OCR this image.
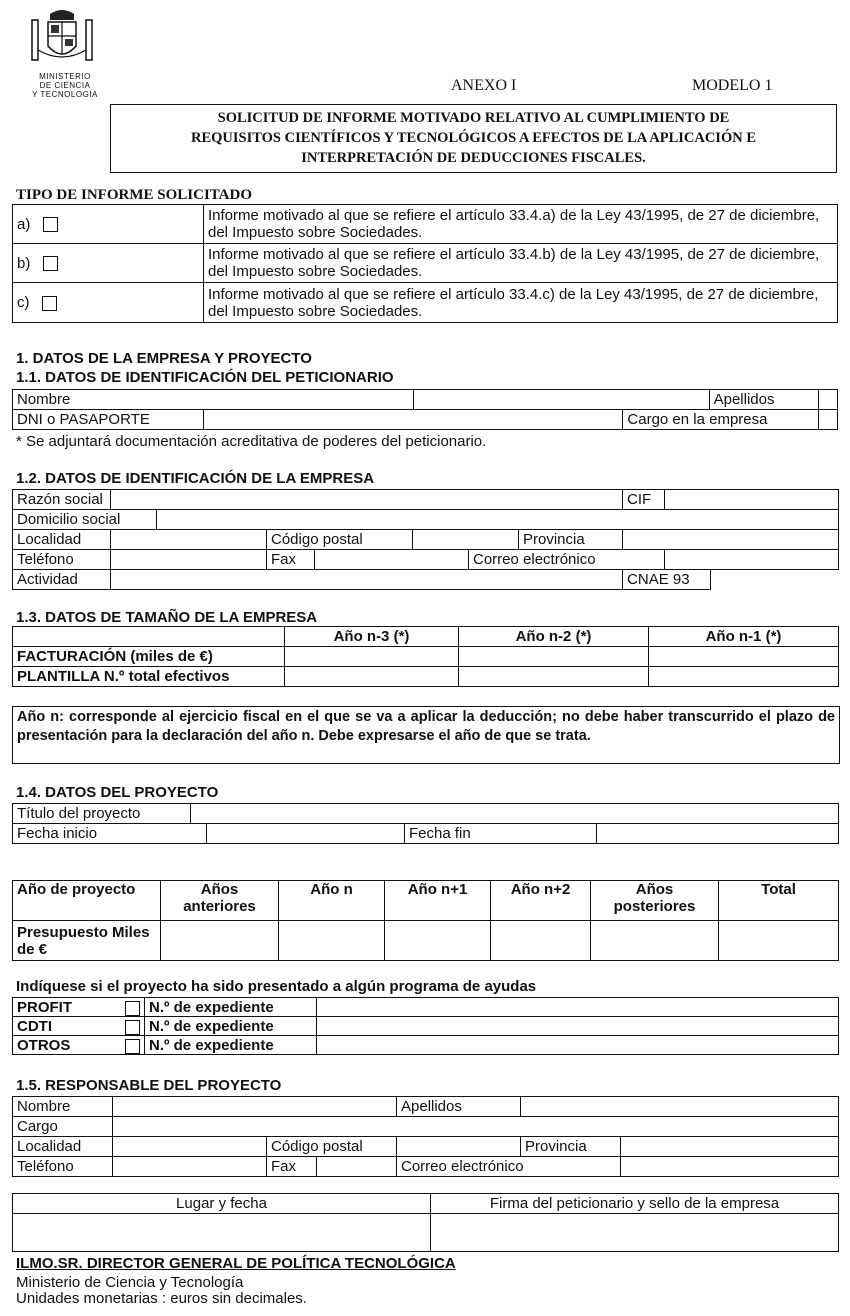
MINISTERIO
DE CIENCIA
Y TECNOLOGIA
ANEXO I	MODELO 1
SOLICITUD DE INFORME MOTIVADO RELATIVO AL CUMPLIMIENTO DE
REQUISITOS CIENTÍFICOS Y TECNOLÓGICOS A EFECTOS DE LA APLICACIÓN E
INTERPRETACIÓN DE DEDUCCIONES FISCALES.
TIPO DE INFORME SOLICITADO
a)	Informe motivado al que se refiere el artículo 33.4.a) de la Ley 43/1995, de 27 de diciembre, del Impuesto sobre Sociedades.
b)	Informe motivado al que se refiere el artículo 33.4.b) de la Ley 43/1995, de 27 de diciembre, del Impuesto sobre Sociedades.
c)	Informe motivado al que se refiere el artículo 33.4.c) de la Ley 43/1995, de 27 de diciembre, del Impuesto sobre Sociedades.
1. DATOS DE LA EMPRESA Y PROYECTO
1.1. DATOS DE IDENTIFICACIÓN DEL PETICIONARIO
Nombre				Apellidos	
DNI o PASAPORTE			Cargo en la empresa		
* Se adjuntará documentación acreditativa de poderes del peticionario.
1.2. DATOS DE IDENTIFICACIÓN DE LA EMPRESA
Razón social								CIF		
Domicilio social										
Localidad			Código postal				Provincia			
Teléfono			Fax			Correo electrónico				
Actividad								CNAE 93		
1.3. DATOS DE TAMAÑO DE LA EMPRESA
	Año n-3 (*)	Año n-2 (*)	Año n-1 (*)
FACTURACIÓN (miles de €)			
PLANTILLA N.º total efectivos			
Año n: corresponde al ejercicio fiscal en el que se va a aplicar la deducción; no debe haber transcurrido el plazo de presentación para la declaración del año n. Debe expresarse el año de que se trata.
1.4. DATOS DEL PROYECTO
Título del proyecto				
Fecha inicio			Fecha fin	
Año de proyecto	Años anteriores	Año n	Año n+1	Año n+2	Años posteriores	Total
Presupuesto Miles de €						
Indíquese si el proyecto ha sido presentado a algún programa de ayudas
PROFIT	N.º de expediente	
CDTI	N.º de expediente	
OTROS	N.º de expediente	
1.5. RESPONSABLE DEL PROYECTO
Nombre				Apellidos		
Cargo						
Localidad		Código postal			Provincia	
Teléfono		Fax		Correo electrónico		
Lugar y fecha	Firma del peticionario y sello de la empresa

ILMO.SR. DIRECTOR GENERAL DE POLÍTICA TECNOLÓGICA
Ministerio de Ciencia y Tecnología
Unidades monetarias : euros sin decimales.
